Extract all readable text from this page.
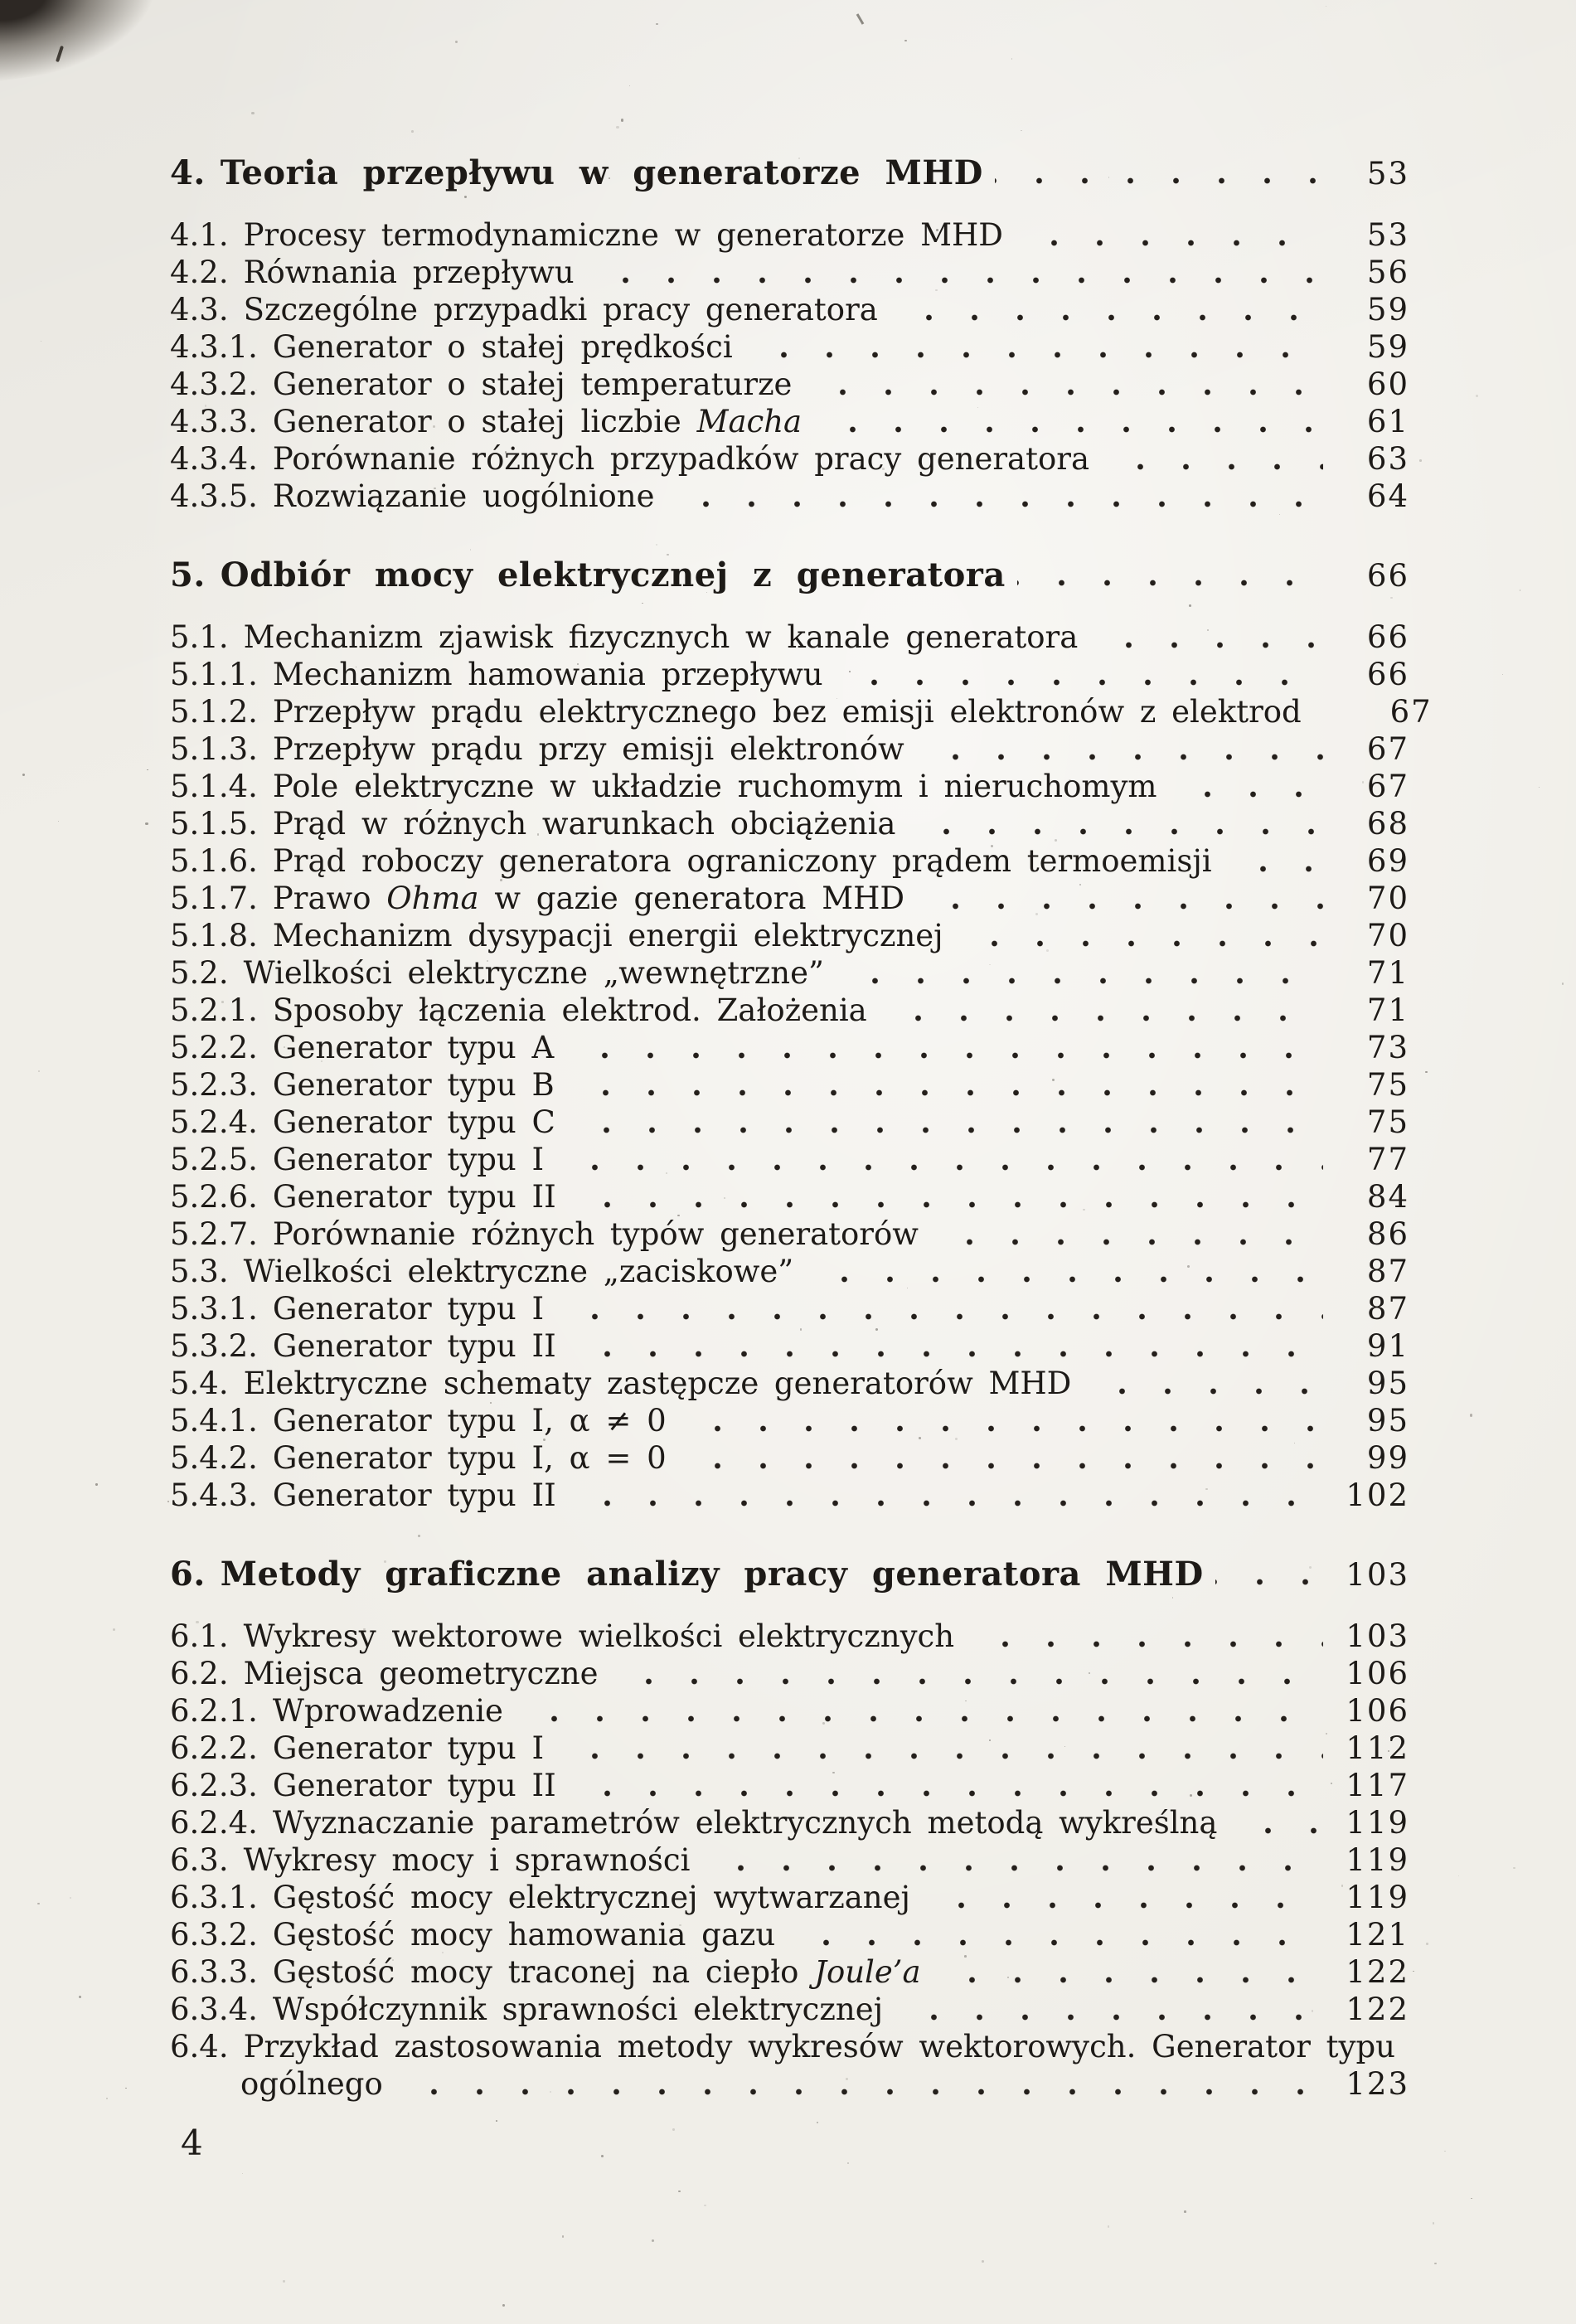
4. Teoria przepływu w generatorze MHD	53
4.1. Procesy termodynamiczne w generatorze MHD	53
4.2. Równania przepływu	56
4.3. Szczególne przypadki pracy generatora	59
4.3.1. Generator o stałej prędkości	59
4.3.2. Generator o stałej temperaturze	60
4.3.3. Generator o stałej liczbie Macha	61
4.3.4. Porównanie różnych przypadków pracy generatora	63
4.3.5. Rozwiązanie uogólnione	64
5. Odbiór mocy elektrycznej z generatora	66
5.1. Mechanizm zjawisk fizycznych w kanale generatora	66
5.1.1. Mechanizm hamowania przepływu	66
5.1.2. Przepływ prądu elektrycznego bez emisji elektronów z elektrod	67
5.1.3. Przepływ prądu przy emisji elektronów	67
5.1.4. Pole elektryczne w układzie ruchomym i nieruchomym	67
5.1.5. Prąd w różnych warunkach obciążenia	68
5.1.6. Prąd roboczy generatora ograniczony prądem termoemisji	69
5.1.7. Prawo Ohma w gazie generatora MHD	70
5.1.8. Mechanizm dysypacji energii elektrycznej	70
5.2. Wielkości elektryczne „wewnętrzne”	71
5.2.1. Sposoby łączenia elektrod. Założenia	71
5.2.2. Generator typu A	73
5.2.3. Generator typu B	75
5.2.4. Generator typu C	75
5.2.5. Generator typu I	77
5.2.6. Generator typu II	84
5.2.7. Porównanie różnych typów generatorów	86
5.3. Wielkości elektryczne „zaciskowe”	87
5.3.1. Generator typu I	87
5.3.2. Generator typu II	91
5.4. Elektryczne schematy zastępcze generatorów MHD	95
5.4.1. Generator typu I, α ≠ 0	95
5.4.2. Generator typu I, α = 0	99
5.4.3. Generator typu II	102
6. Metody graficzne analizy pracy generatora MHD	103
6.1. Wykresy wektorowe wielkości elektrycznych	103
6.2. Miejsca geometryczne	106
6.2.1. Wprowadzenie	106
6.2.2. Generator typu I	112
6.2.3. Generator typu II	117
6.2.4. Wyznaczanie parametrów elektrycznych metodą wykreślną	119
6.3. Wykresy mocy i sprawności	119
6.3.1. Gęstość mocy elektrycznej wytwarzanej	119
6.3.2. Gęstość mocy hamowania gazu	121
6.3.3. Gęstość mocy traconej na ciepło Joule’a	122
6.3.4. Współczynnik sprawności elektrycznej	122
6.4. Przykład zastosowania metody wykresów wektorowych. Generator typu
ogólnego	123
4
